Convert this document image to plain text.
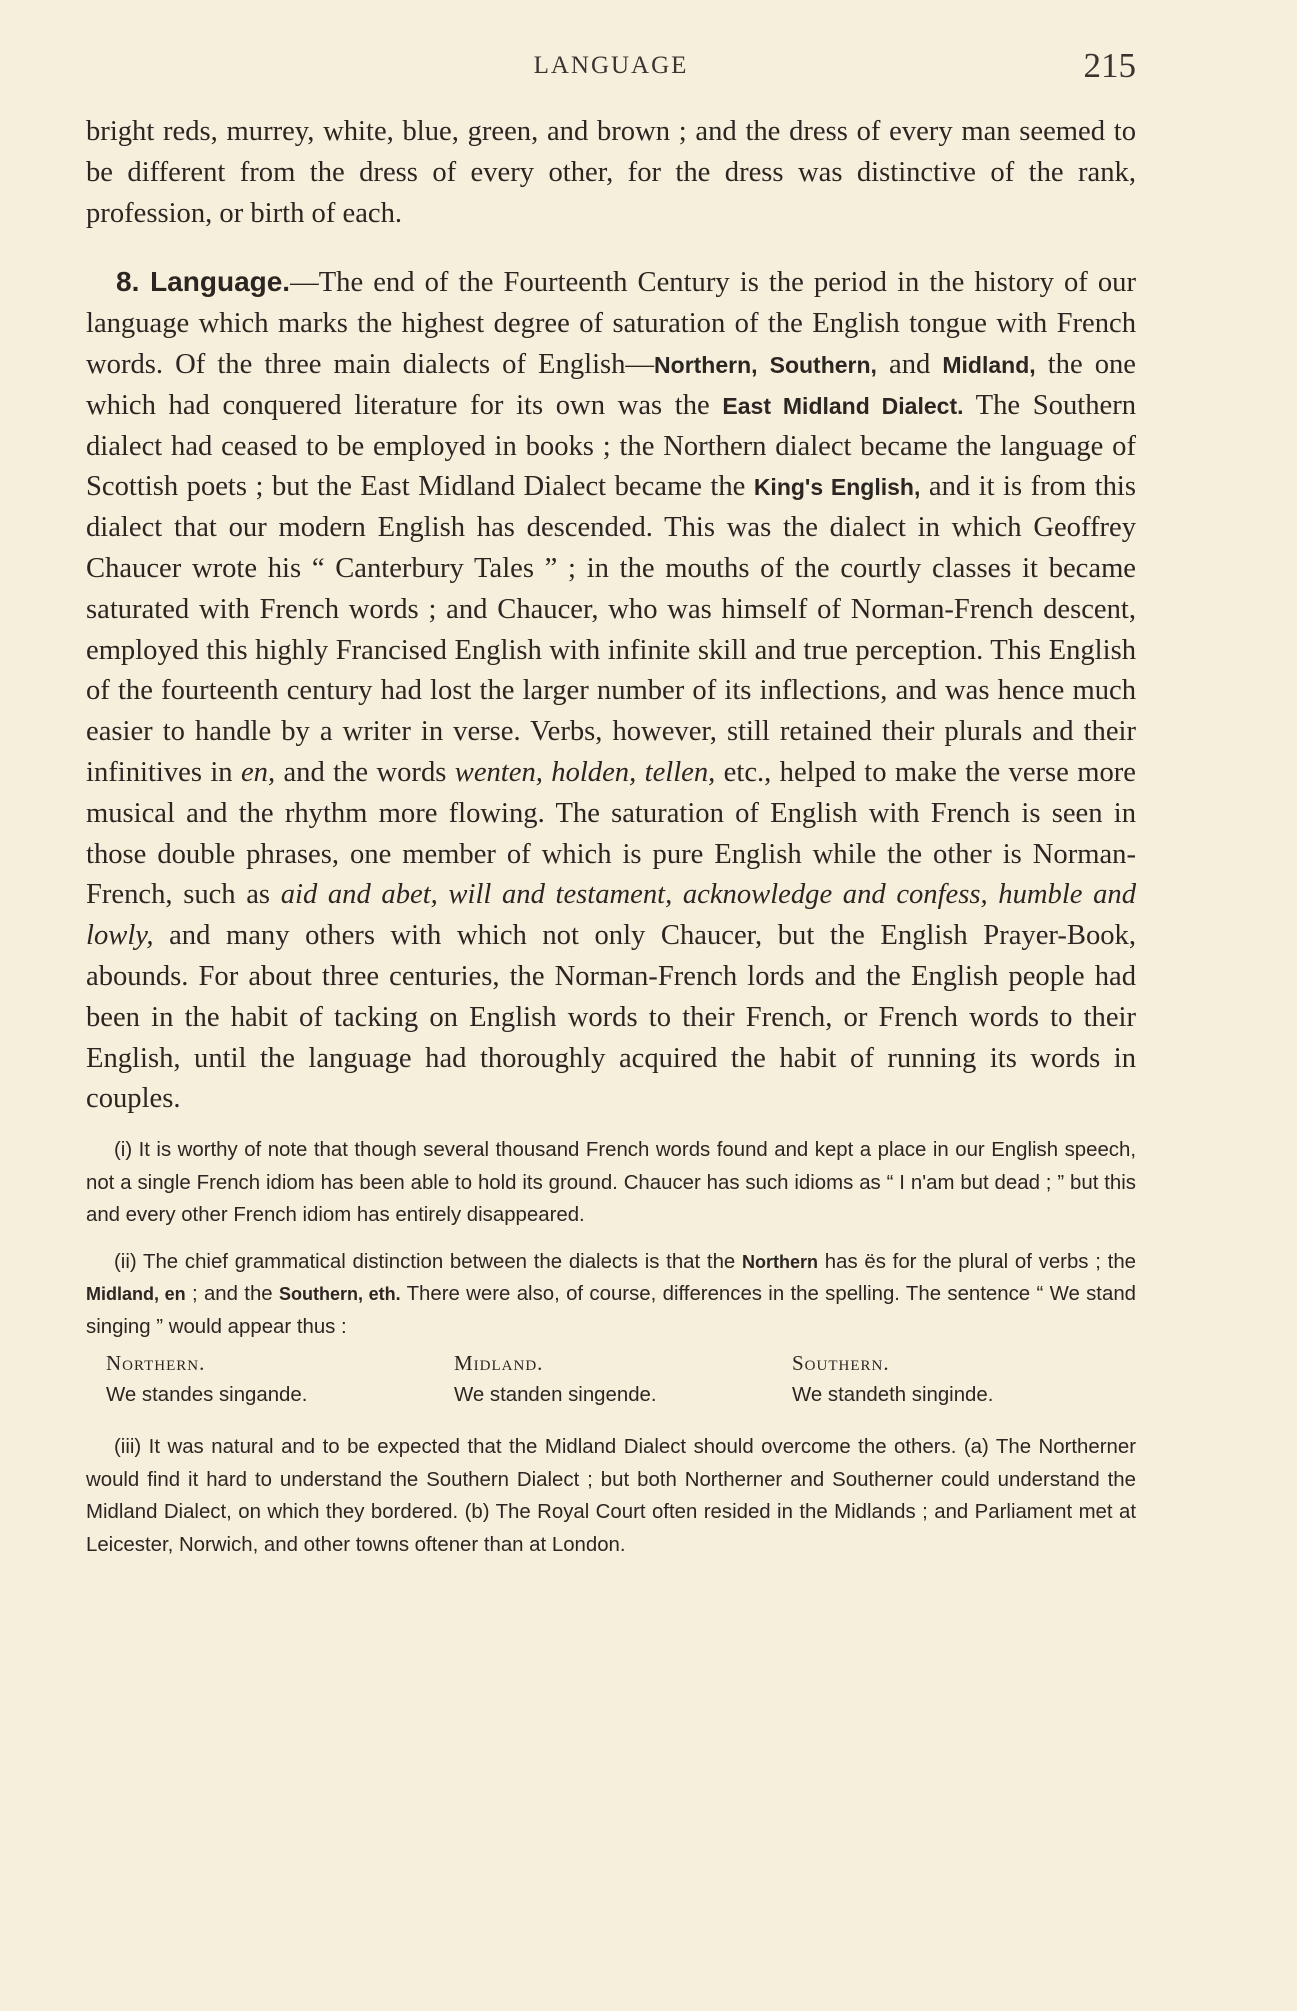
LANGUAGE	215

bright reds, murrey, white, blue, green, and brown ; and the dress of every man seemed to be different from the dress of every other, for the dress was distinctive of the rank, profession, or birth of each.

8. Language.—The end of the Fourteenth Century is the period in the history of our language which marks the highest degree of saturation of the English tongue with French words. Of the three main dialects of English—Northern, Southern, and Midland, the one which had conquered literature for its own was the East Midland Dialect. The Southern dialect had ceased to be employed in books ; the Northern dialect became the language of Scottish poets ; but the East Midland Dialect became the King's English, and it is from this dialect that our modern English has descended. This was the dialect in which Geoffrey Chaucer wrote his “ Canterbury Tales ” ; in the mouths of the courtly classes it became saturated with French words ; and Chaucer, who was himself of Norman-French descent, employed this highly Francised English with infinite skill and true perception. This English of the fourteenth century had lost the larger number of its inflections, and was hence much easier to handle by a writer in verse. Verbs, however, still retained their plurals and their infinitives in en, and the words wenten, holden, tellen, etc., helped to make the verse more musical and the rhythm more flowing. The saturation of English with French is seen in those double phrases, one member of which is pure English while the other is Norman-French, such as aid and abet, will and testament, acknowledge and confess, humble and lowly, and many others with which not only Chaucer, but the English Prayer-Book, abounds. For about three centuries, the Norman-French lords and the English people had been in the habit of tacking on English words to their French, or French words to their English, until the language had thoroughly acquired the habit of running its words in couples.

(i) It is worthy of note that though several thousand French words found and kept a place in our English speech, not a single French idiom has been able to hold its ground. Chaucer has such idioms as “ I n'am but dead ; ” but this and every other French idiom has entirely disappeared.

(ii) The chief grammatical distinction between the dialects is that the Northern has ës for the plural of verbs ; the Midland, en ; and the Southern, eth. There were also, of course, differences in the spelling. The sentence “ We stand singing ” would appear thus :

Northern.
We standes singande.
Midland.
We standen singende.
Southern.
We standeth singinde.

(iii) It was natural and to be expected that the Midland Dialect should overcome the others. (a) The Northerner would find it hard to understand the Southern Dialect ; but both Northerner and Southerner could understand the Midland Dialect, on which they bordered. (b) The Royal Court often resided in the Midlands ; and Parliament met at Leicester, Norwich, and other towns oftener than at London.
